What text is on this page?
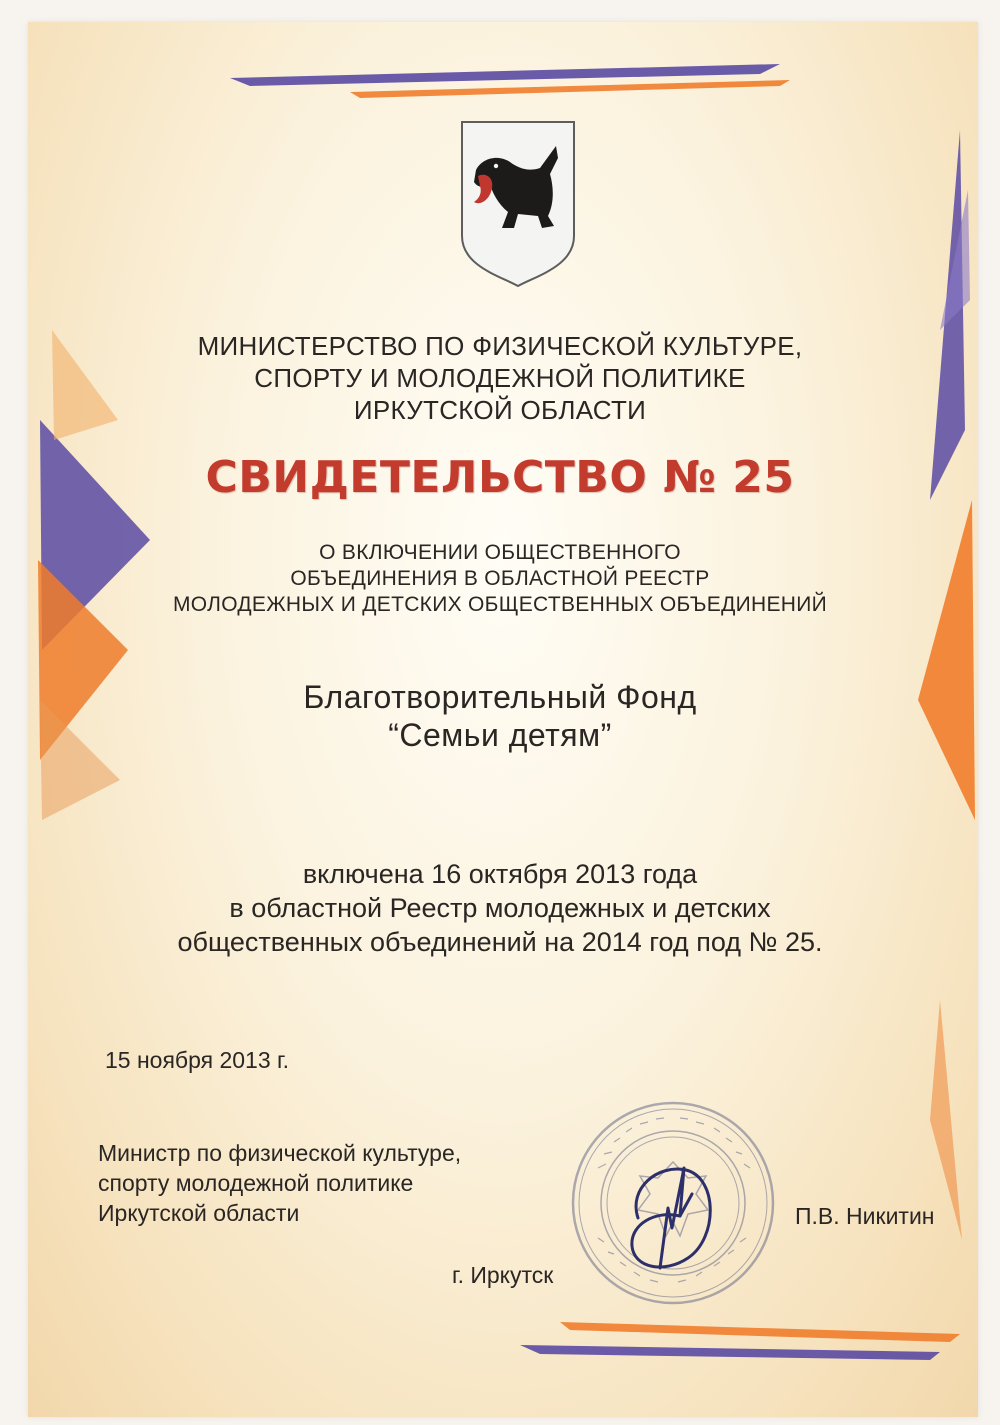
МИНИСТЕРСТВО ПО ФИЗИЧЕСКОЙ КУЛЬТУРЕ,
СПОРТУ И МОЛОДЕЖНОЙ ПОЛИТИКЕ
ИРКУТСКОЙ ОБЛАСТИ
СВИДЕТЕЛЬСТВО № 25
О ВКЛЮЧЕНИИ ОБЩЕСТВЕННОГО
ОБЪЕДИНЕНИЯ В ОБЛАСТНОЙ РЕЕСТР
МОЛОДЕЖНЫХ И ДЕТСКИХ ОБЩЕСТВЕННЫХ ОБЪЕДИНЕНИЙ
Благотворительный Фонд
“Семьи детям”
включена 16 октября 2013 года
в областной Реестр молодежных и детских
общественных объединений на 2014 год под № 25.
15 ноября 2013 г.
Министр по физической культуре,
спорту молодежной политике
Иркутской области	П.В. Никитин
г. Иркутск
